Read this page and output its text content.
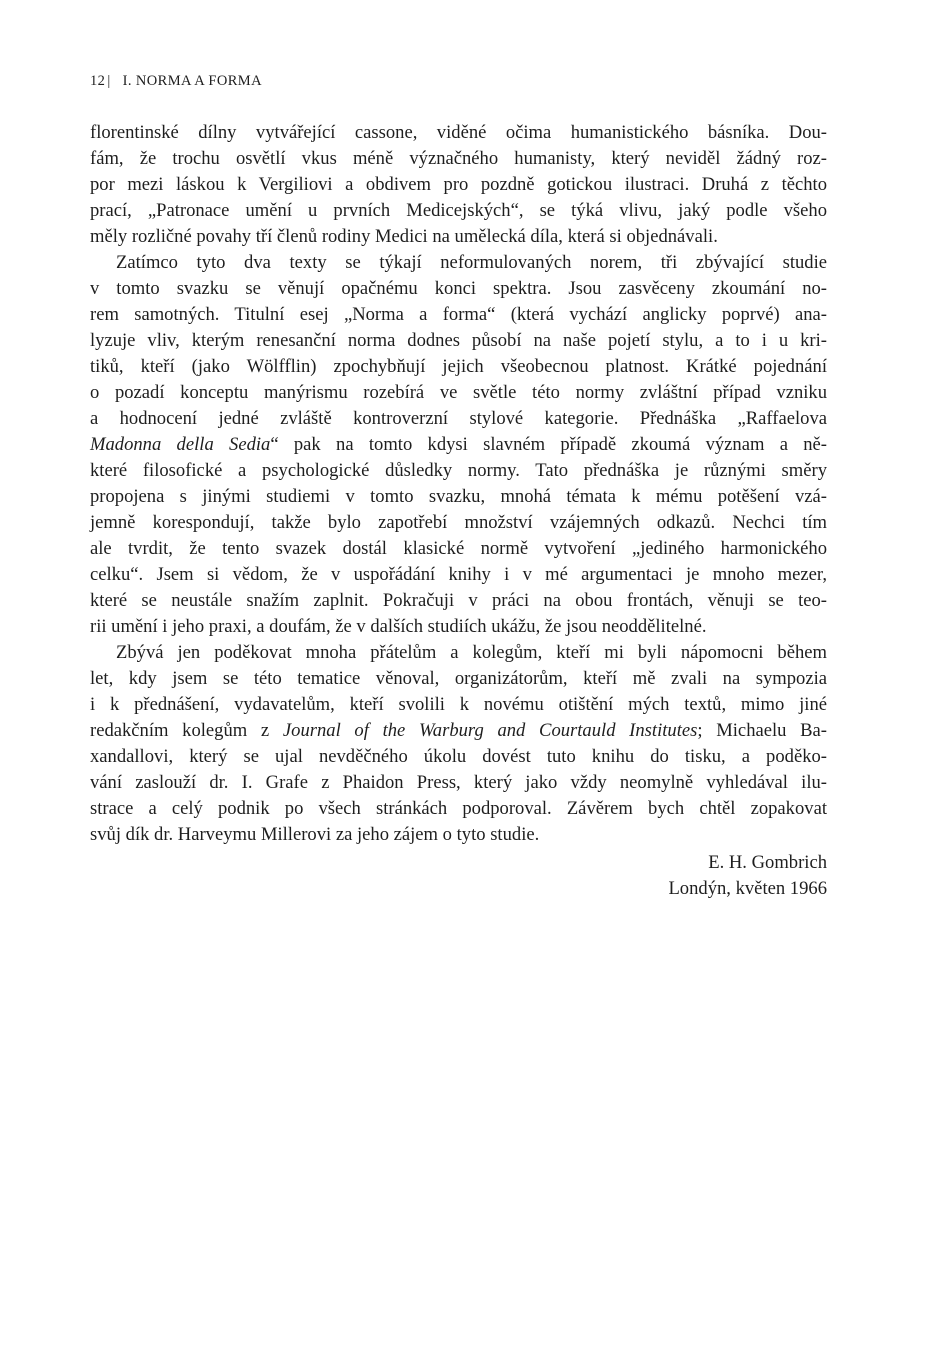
12 | I. NORMA A FORMA

florentinské dílny vytvářející cassone, viděné očima humanistického básníka. Dou-
fám, že trochu osvětlí vkus méně význačného humanisty, který neviděl žádný roz-
por mezi láskou k Vergiliovi a obdivem pro pozdně gotickou ilustraci. Druhá z těchto
prací, „Patronace umění u prvních Medicejských“, se týká vlivu, jaký podle všeho
měly rozličné povahy tří členů rodiny Medici na umělecká díla, která si objednávali.

Zatímco tyto dva texty se týkají neformulovaných norem, tři zbývající studie
v tomto svazku se věnují opačnému konci spektra. Jsou zasvěceny zkoumání no-
rem samotných. Titulní esej „Norma a forma“ (která vychází anglicky poprvé) ana-
lyzuje vliv, kterým renesanční norma dodnes působí na naše pojetí stylu, a to i u kri-
tiků, kteří (jako Wölfflin) zpochybňují jejich všeobecnou platnost. Krátké pojednání
o pozadí konceptu manýrismu rozebírá ve světle této normy zvláštní případ vzniku
a hodnocení jedné zvláště kontroverzní stylové kategorie. Přednáška „Raffaelova
Madonna della Sedia“ pak na tomto kdysi slavném případě zkoumá význam a ně-
které filosofické a psychologické důsledky normy. Tato přednáška je různými směry
propojena s jinými studiemi v tomto svazku, mnohá témata k mému potěšení vzá-
jemně korespondují, takže bylo zapotřebí množství vzájemných odkazů. Nechci tím
ale tvrdit, že tento svazek dostál klasické normě vytvoření „jediného harmonického
celku“. Jsem si vědom, že v uspořádání knihy i v mé argumentaci je mnoho mezer,
které se neustále snažím zaplnit. Pokračuji v práci na obou frontách, věnuji se teo-
rii umění i jeho praxi, a doufám, že v dalších studiích ukážu, že jsou neoddělitelné.

Zbývá jen poděkovat mnoha přátelům a kolegům, kteří mi byli nápomocni během
let, kdy jsem se této tematice věnoval, organizátorům, kteří mě zvali na sympozia
i k přednášení, vydavatelům, kteří svolili k novému otištění mých textů, mimo jiné
redakčním kolegům z Journal of the Warburg and Courtauld Institutes; Michaelu Ba-
xandallovi, který se ujal nevděčného úkolu dovést tuto knihu do tisku, a poděko-
vání zaslouží dr. I. Grafe z Phaidon Press, který jako vždy neomylně vyhledával ilu-
strace a celý podnik po všech stránkách podporoval. Závěrem bych chtěl zopakovat
svůj dík dr. Harveymu Millerovi za jeho zájem o tyto studie.

E. H. Gombrich
Londýn, květen 1966
